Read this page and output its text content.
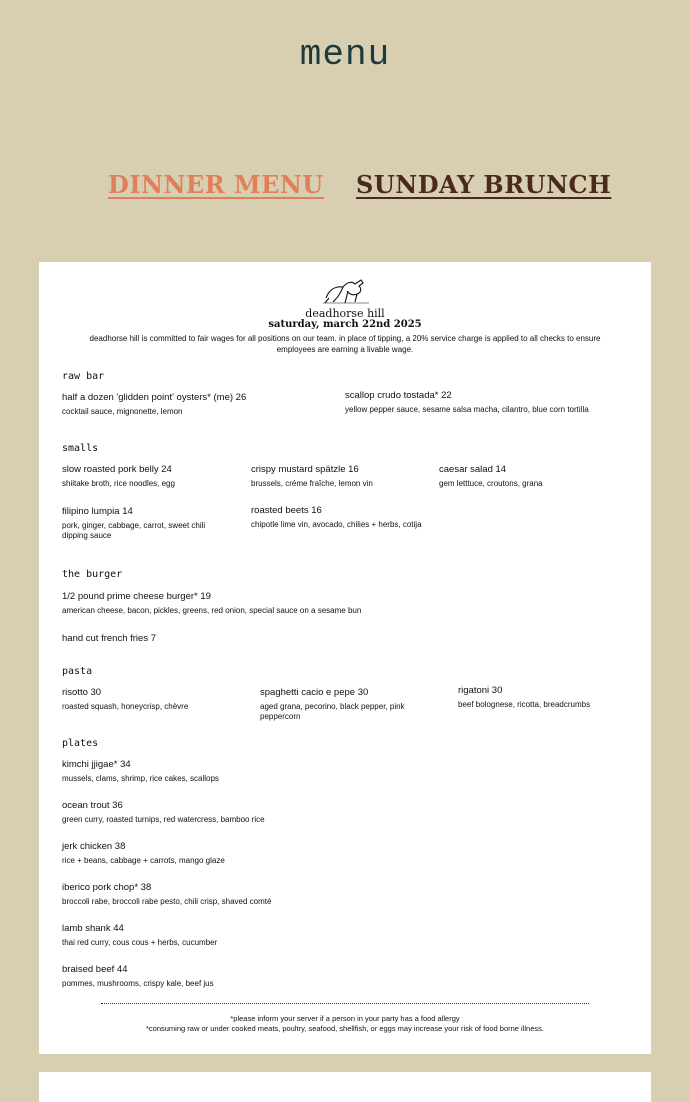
menu
DINNER MENU SUNDAY BRUNCH
deadhorse hill
saturday, march 22nd 2025
deadhorse hill is committed to fair wages for all positions on our team. in place of tipping, a 20% service charge is applied to all checks to ensure employees are earning a livable wage.
raw bar
half a dozen 'glidden point' oysters* (me) 26
cocktail sauce, mignonette, lemon
scallop crudo tostada* 22
yellow pepper sauce, sesame salsa macha, cilantro, blue corn tortilla
smalls
slow roasted pork belly 24
shiitake broth, rice noodles, egg
crispy mustard spätzle 16
brussels, créme fraîche, lemon vin
caesar salad 14
gem letttuce, croutons, grana
filipino lumpia 14
pork, ginger, cabbage, carrot, sweet chili dipping sauce
roasted beets 16
chipotle lime vin, avocado, chilies + herbs, cotija
the burger
1/2 pound prime cheese burger* 19
american cheese, bacon, pickles, greens, red onion, special sauce on a sesame bun
hand cut french fries 7
pasta
risotto 30
roasted squash, honeycrisp, chèvre
spaghetti cacio e pepe 30
aged grana, pecorino, black pepper, pink peppercorn
rigatoni 30
beef bolognese, ricotta, breadcrumbs
plates
kimchi jjigae* 34
mussels, clams, shrimp, rice cakes, scallops
ocean trout 36
green curry, roasted turnips, red watercress, bamboo rice
jerk chicken 38
rice + beans, cabbage + carrots, mango glaze
iberico pork chop* 38
broccoli rabe, broccoli rabe pesto, chili crisp, shaved comté
lamb shank 44
thai red curry, cous cous + herbs, cucumber
braised beef 44
pommes, mushrooms, crispy kale, beef jus
*please inform your server if a person in your party has a food allergy
*consuming raw or under cooked meats, poultry, seafood, shellfish, or eggs may increase your risk of food borne illness.
